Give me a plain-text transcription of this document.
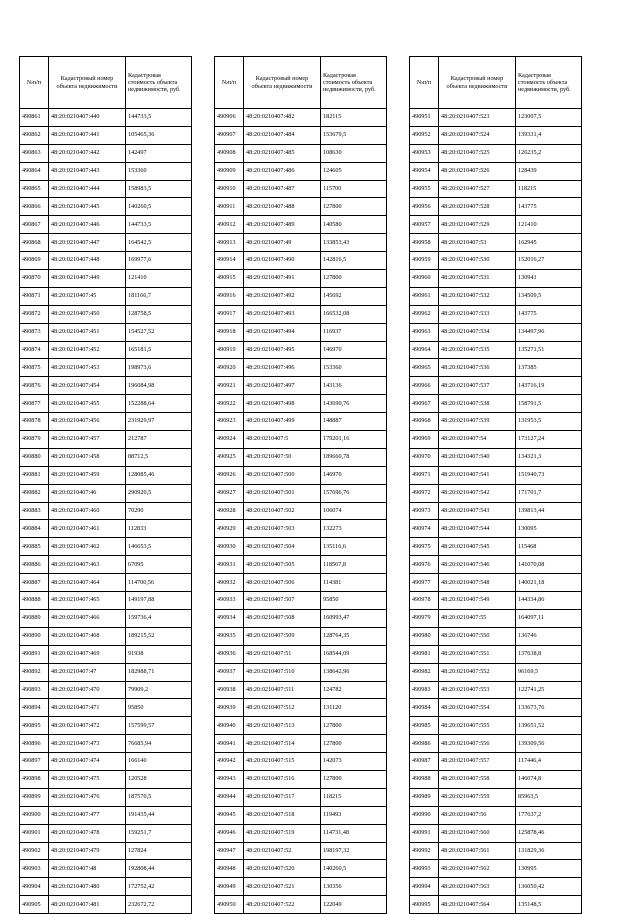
№п/п	Кадастровый номер объекта недвижимости	Кадастровая стоимость объекта недвижимости, руб.
490861	48:20:0210407:440	144733,5
490862	48:20:0210407:441	105465,36
490863	48:20:0210407:442	142497
490864	48:20:0210407:443	153360
490865	48:20:0210407:444	158983,5
490866	48:20:0210407:445	140260,5
490867	48:20:0210407:446	144733,5
490868	48:20:0210407:447	164542,5
490869	48:20:0210407:448	169977,6
490870	48:20:0210407:449	121410
490871	48:20:0210407:45	181166,7
490872	48:20:0210407:450	128758,5
490873	48:20:0210407:451	154527,52
490874	48:20:0210407:452	165181,5
490875	48:20:0210407:453	198973,6
490876	48:20:0210407:454	196084,98
490877	48:20:0210407:455	152288,64
490878	48:20:0210407:456	231929,97
490879	48:20:0210407:457	212787
490880	48:20:0210407:458	88712,5
490881	48:20:0210407:459	128085,46
490882	48:20:0210407:46	290920,5
490883	48:20:0210407:460	70290
490884	48:20:0210407:461	112833
490885	48:20:0210407:462	146653,5
490886	48:20:0210407:463	67095
490887	48:20:0210407:464	114700,56
490888	48:20:0210407:465	149197,88
490889	48:20:0210407:466	159736,4
490890	48:20:0210407:468	189215,52
490891	48:20:0210407:469	91938
490892	48:20:0210407:47	182988,71
490893	48:20:0210407:470	79909,2
490894	48:20:0210407:471	95850
490895	48:20:0210407:472	157599,57
490896	48:20:0210407:473	76685,94
490897	48:20:0210407:474	166140
490898	48:20:0210407:475	120528
490899	48:20:0210407:476	187570,5
490900	48:20:0210407:477	191435,44
490901	48:20:0210407:478	159251,7
490902	48:20:0210407:479	127824
490903	48:20:0210407:48	192808,44
490904	48:20:0210407:480	172752,42
490905	48:20:0210407:481	232672,72
№п/п	Кадастровый номер объекта недвижимости	Кадастровая стоимость объекта недвижимости, руб.
490906	48:20:0210407:482	182115
490907	48:20:0210407:484	153679,5
490908	48:20:0210407:485	108630
490909	48:20:0210407:486	124605
490910	48:20:0210407:487	115700
490911	48:20:0210407:488	127800
490912	48:20:0210407:489	140580
490913	48:20:0210407:49	133853,43
490914	48:20:0210407:490	142816,5
490915	48:20:0210407:491	127800
490916	48:20:0210407:492	145692
490917	48:20:0210407:493	166532,08
490918	48:20:0210407:494	116937
490919	48:20:0210407:495	146970
490920	48:20:0210407:496	153360
490921	48:20:0210407:497	143136
490922	48:20:0210407:498	143690,76
490923	48:20:0210407:499	148887
490924	48:20:0210407:5	179201,16
490925	48:20:0210407:50	189660,78
490926	48:20:0210407:500	146970
490927	48:20:0210407:501	157696,76
490928	48:20:0210407:502	106074
490929	48:20:0210407:503	132273
490930	48:20:0210407:504	135116,6
490931	48:20:0210407:505	118567,8
490932	48:20:0210407:506	114381
490933	48:20:0210407:507	95850
490934	48:20:0210407:508	160993,47
490935	48:20:0210407:509	128764,35
490936	48:20:0210407:51	168544,09
490937	48:20:0210407:510	138642,96
490938	48:20:0210407:511	124782
490939	48:20:0210407:512	131120
490940	48:20:0210407:513	127800
490941	48:20:0210407:514	127800
490942	48:20:0210407:515	142073
490943	48:20:0210407:516	127800
490944	48:20:0210407:517	118215
490945	48:20:0210407:518	119493
490946	48:20:0210407:519	114731,48
490947	48:20:0210407:52	198197,32
490948	48:20:0210407:520	140260,5
490949	48:20:0210407:521	130356
490950	48:20:0210407:522	122049
№п/п	Кадастровый номер объекта недвижимости	Кадастровая стоимость объекта недвижимости, руб.
490951	48:20:0210407:523	123007,5
490952	48:20:0210407:524	139331,4
490953	48:20:0210407:525	126235,2
490954	48:20:0210407:526	128439
490955	48:20:0210407:527	118215
490956	48:20:0210407:528	143775
490957	48:20:0210407:529	121410
490958	48:20:0210407:53	162945
490959	48:20:0210407:530	152016,27
490960	48:20:0210407:531	130941
490961	48:20:0210407:532	134509,5
490962	48:20:0210407:533	143775
490963	48:20:0210407:534	134497,96
490964	48:20:0210407:535	135271,51
490965	48:20:0210407:536	137385
490966	48:20:0210407:537	143716,19
490967	48:20:0210407:538	158791,5
490968	48:20:0210407:539	131953,5
490969	48:20:0210407:54	173127,24
490970	48:20:0210407:540	134321,3
490971	48:20:0210407:541	151940,73
490972	48:20:0210407:542	171701,7
490973	48:20:0210407:543	139813,44
490974	48:20:0210407:544	130095
490975	48:20:0210407:545	115468
490976	48:20:0210407:546	141070,08
490977	48:20:0210407:548	140021,18
490978	48:20:0210407:549	144334,86
490979	48:20:0210407:55	164097,11
490980	48:20:0210407:550	136746
490981	48:20:0210407:551	137638,8
490982	48:20:0210407:552	96169,5
490983	48:20:0210407:553	122741,25
490984	48:20:0210407:554	133673,76
490985	48:20:0210407:555	139651,52
490986	48:20:0210407:556	139309,56
490987	48:20:0210407:557	117446,4
490988	48:20:0210407:558	146074,8
490989	48:20:0210407:559	85963,5
490990	48:20:0210407:56	177637,2
490991	48:20:0210407:560	125878,46
490992	48:20:0210407:561	131829,36
490993	48:20:0210407:562	130995
490994	48:20:0210407:563	136050,42
490995	48:20:0210407:564	135148,5
